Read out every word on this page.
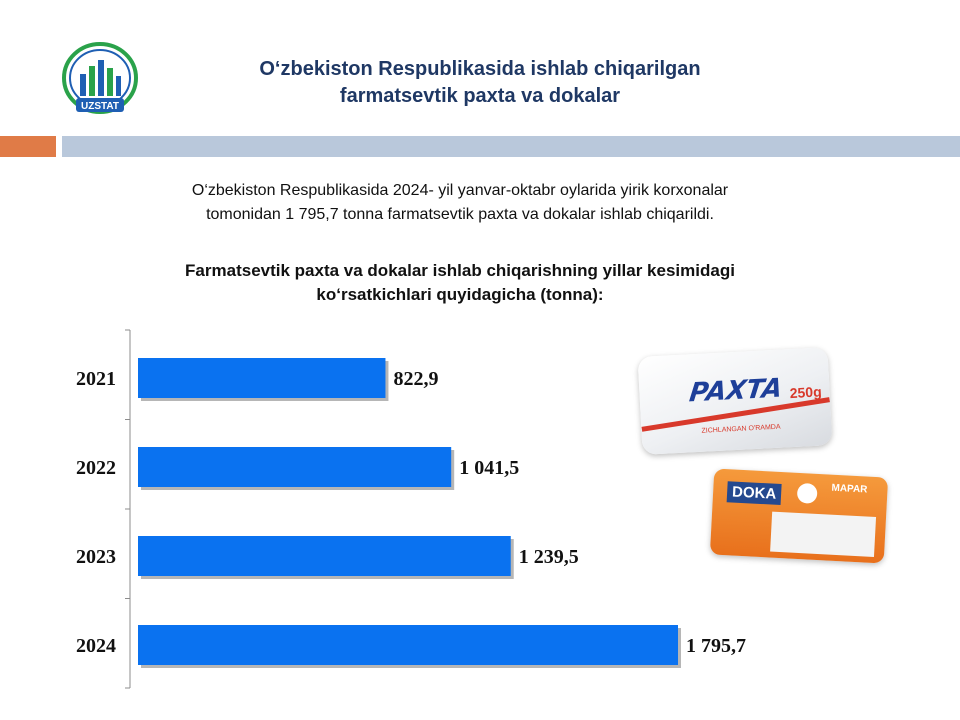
UZSTAT
O‘zbekiston Respublikasida ishlab chiqarilgan
farmatsevtik paxta va dokalar
O‘zbekiston Respublikasida 2024- yil yanvar-oktabr oylarida yirik korxonalar
tomonidan 1 795,7 tonna farmatsevtik paxta va dokalar ishlab chiqarildi.
Farmatsevtik paxta va dokalar ishlab chiqarishning yillar kesimidagi
ko‘rsatkichlari quyidagicha (tonna):
2021	822,9
2022	1 041,5
2023	1 239,5
2024	1 795,7
PAXTA
ZICHLANGAN O'RAMDA
250g
DOKA	MAPAR
